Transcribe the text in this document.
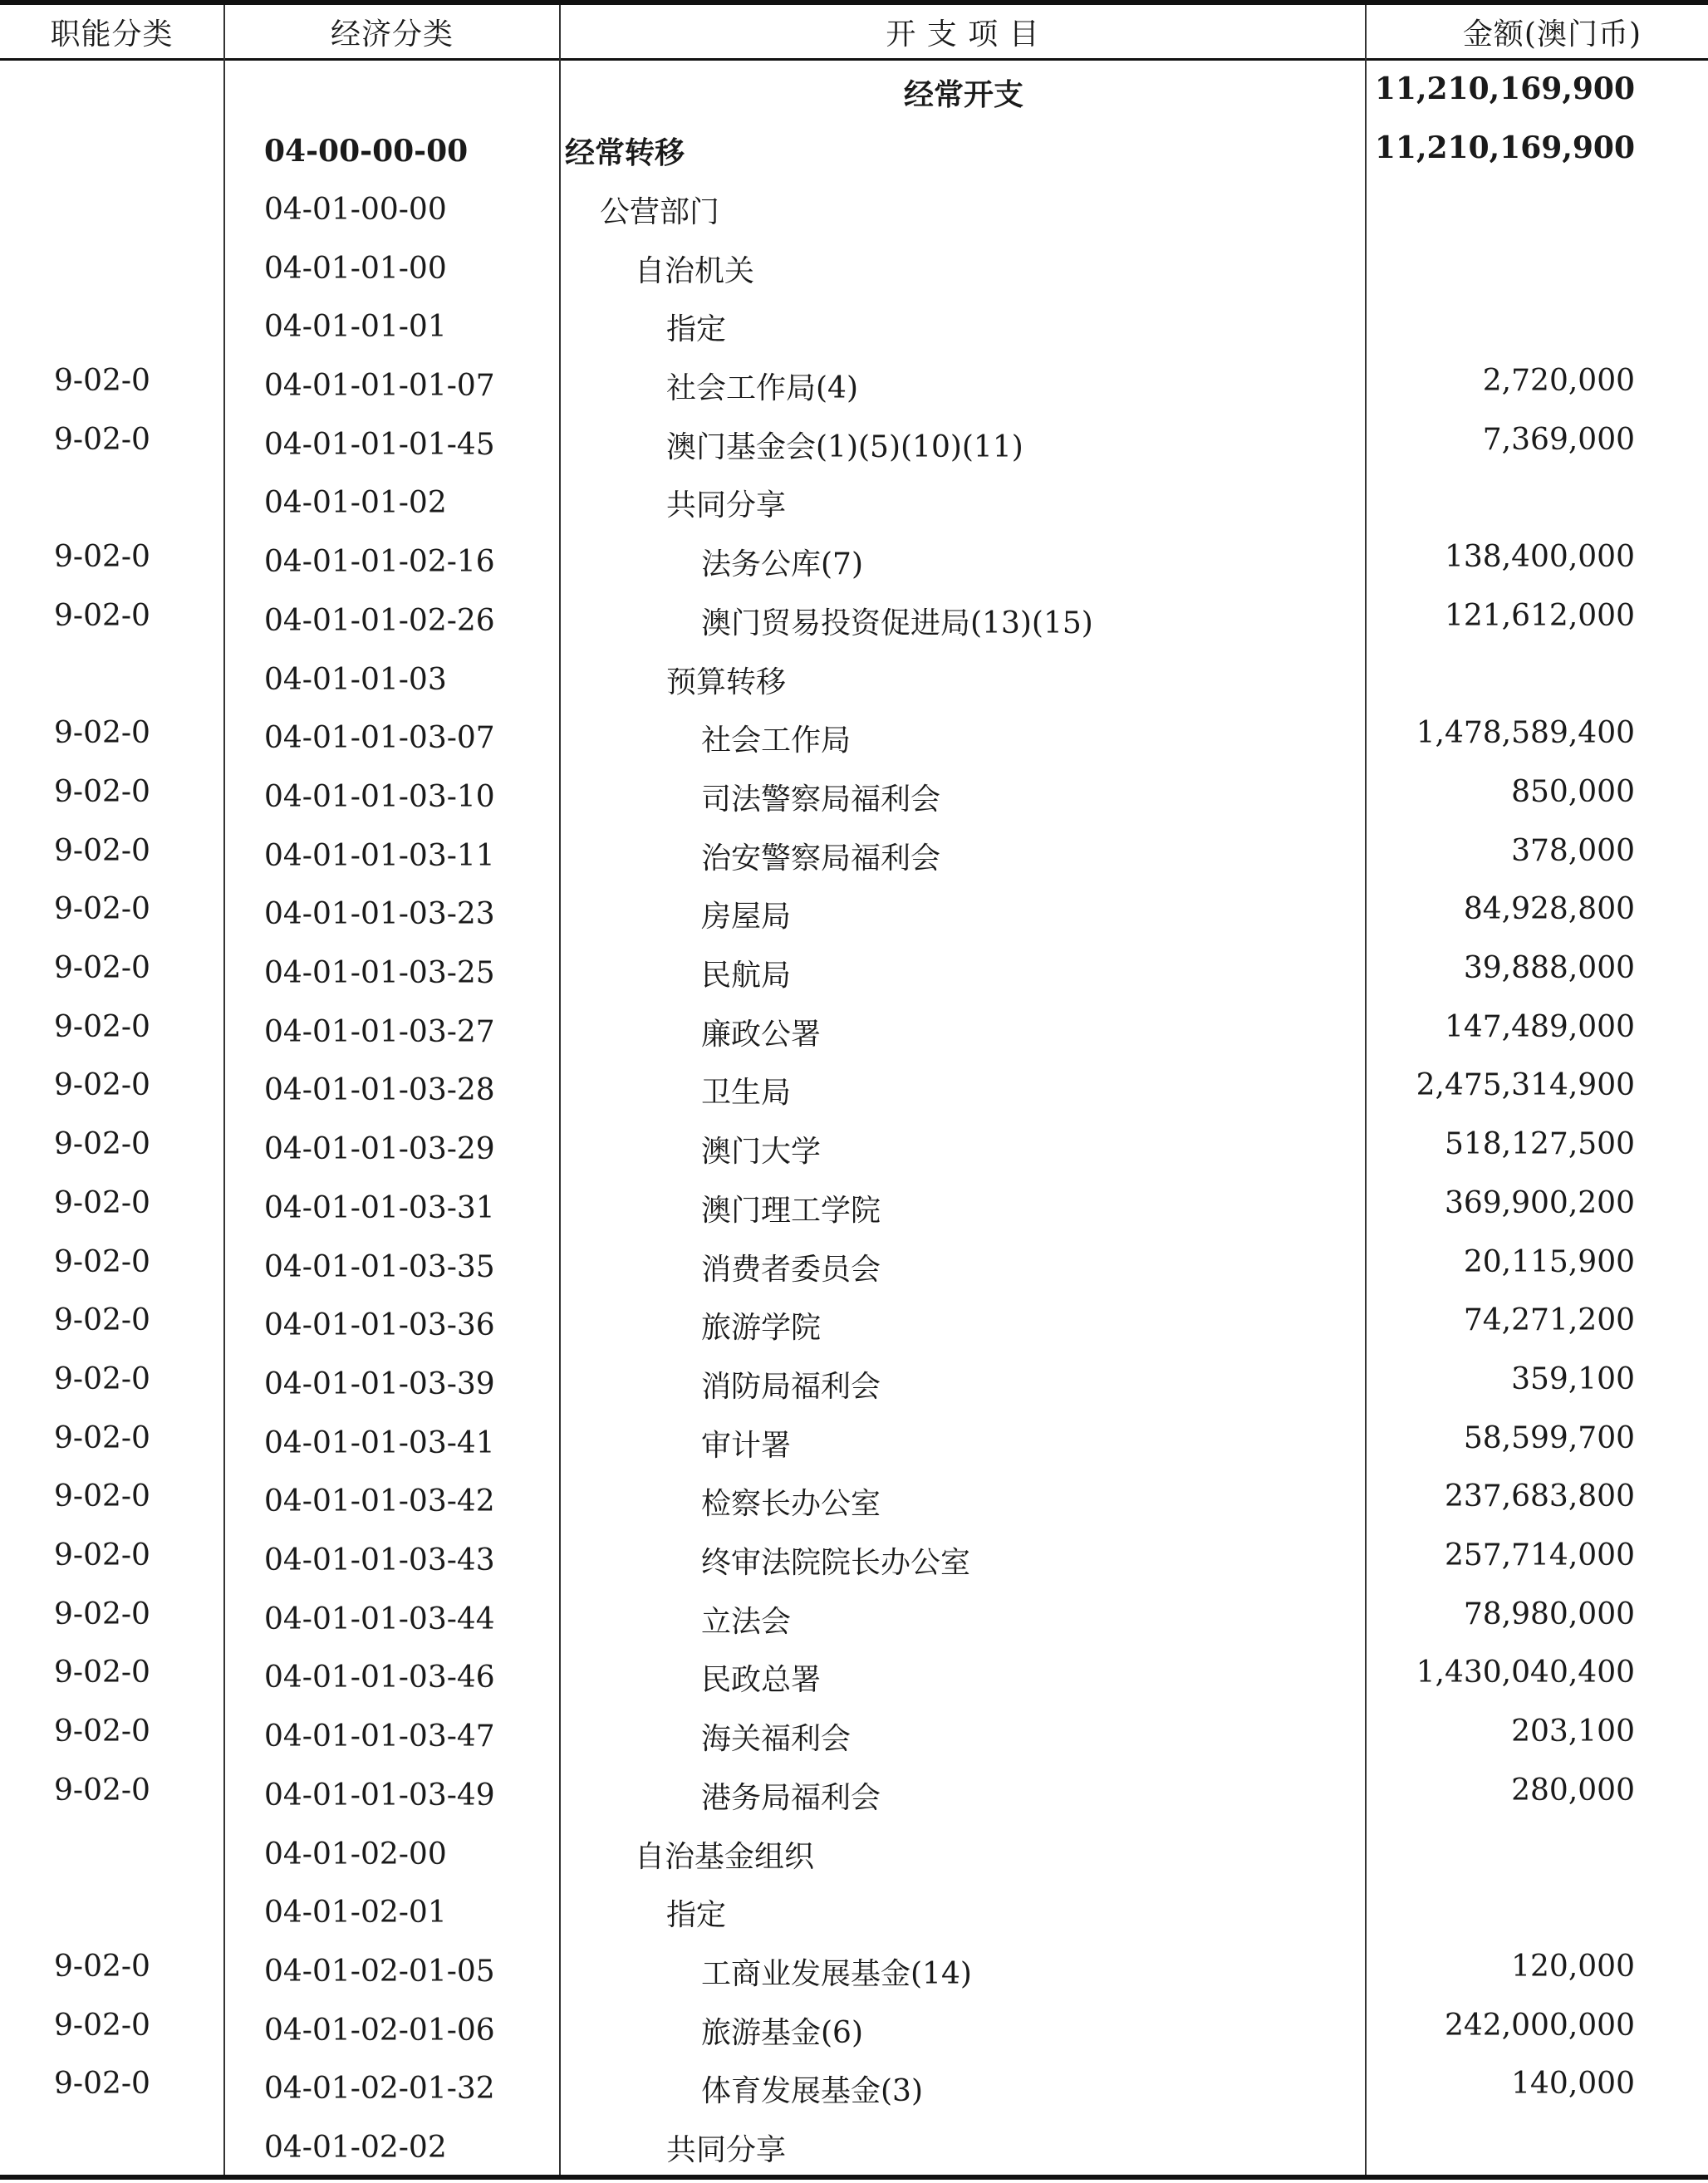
职能分类	经济分类	开 支 项 目	金额(澳门币)
经常开支	11,210,169,900
04-00-00-00	经常转移	11,210,169,900
04-01-00-00	公营部门
04-01-01-00	自治机关
04-01-01-01	指定
9-02-0	04-01-01-01-07	社会工作局(4)	2,720,000
9-02-0	04-01-01-01-45	澳门基金会(1)(5)(10)(11)	7,369,000
04-01-01-02	共同分享
9-02-0	04-01-01-02-16	法务公库(7)	138,400,000
9-02-0	04-01-01-02-26	澳门贸易投资促进局(13)(15)	121,612,000
04-01-01-03	预算转移
9-02-0	04-01-01-03-07	社会工作局	1,478,589,400
9-02-0	04-01-01-03-10	司法警察局福利会	850,000
9-02-0	04-01-01-03-11	治安警察局福利会	378,000
9-02-0	04-01-01-03-23	房屋局	84,928,800
9-02-0	04-01-01-03-25	民航局	39,888,000
9-02-0	04-01-01-03-27	廉政公署	147,489,000
9-02-0	04-01-01-03-28	卫生局	2,475,314,900
9-02-0	04-01-01-03-29	澳门大学	518,127,500
9-02-0	04-01-01-03-31	澳门理工学院	369,900,200
9-02-0	04-01-01-03-35	消费者委员会	20,115,900
9-02-0	04-01-01-03-36	旅游学院	74,271,200
9-02-0	04-01-01-03-39	消防局福利会	359,100
9-02-0	04-01-01-03-41	审计署	58,599,700
9-02-0	04-01-01-03-42	检察长办公室	237,683,800
9-02-0	04-01-01-03-43	终审法院院长办公室	257,714,000
9-02-0	04-01-01-03-44	立法会	78,980,000
9-02-0	04-01-01-03-46	民政总署	1,430,040,400
9-02-0	04-01-01-03-47	海关福利会	203,100
9-02-0	04-01-01-03-49	港务局福利会	280,000
04-01-02-00	自治基金组织
04-01-02-01	指定
9-02-0	04-01-02-01-05	工商业发展基金(14)	120,000
9-02-0	04-01-02-01-06	旅游基金(6)	242,000,000
9-02-0	04-01-02-01-32	体育发展基金(3)	140,000
04-01-02-02	共同分享
